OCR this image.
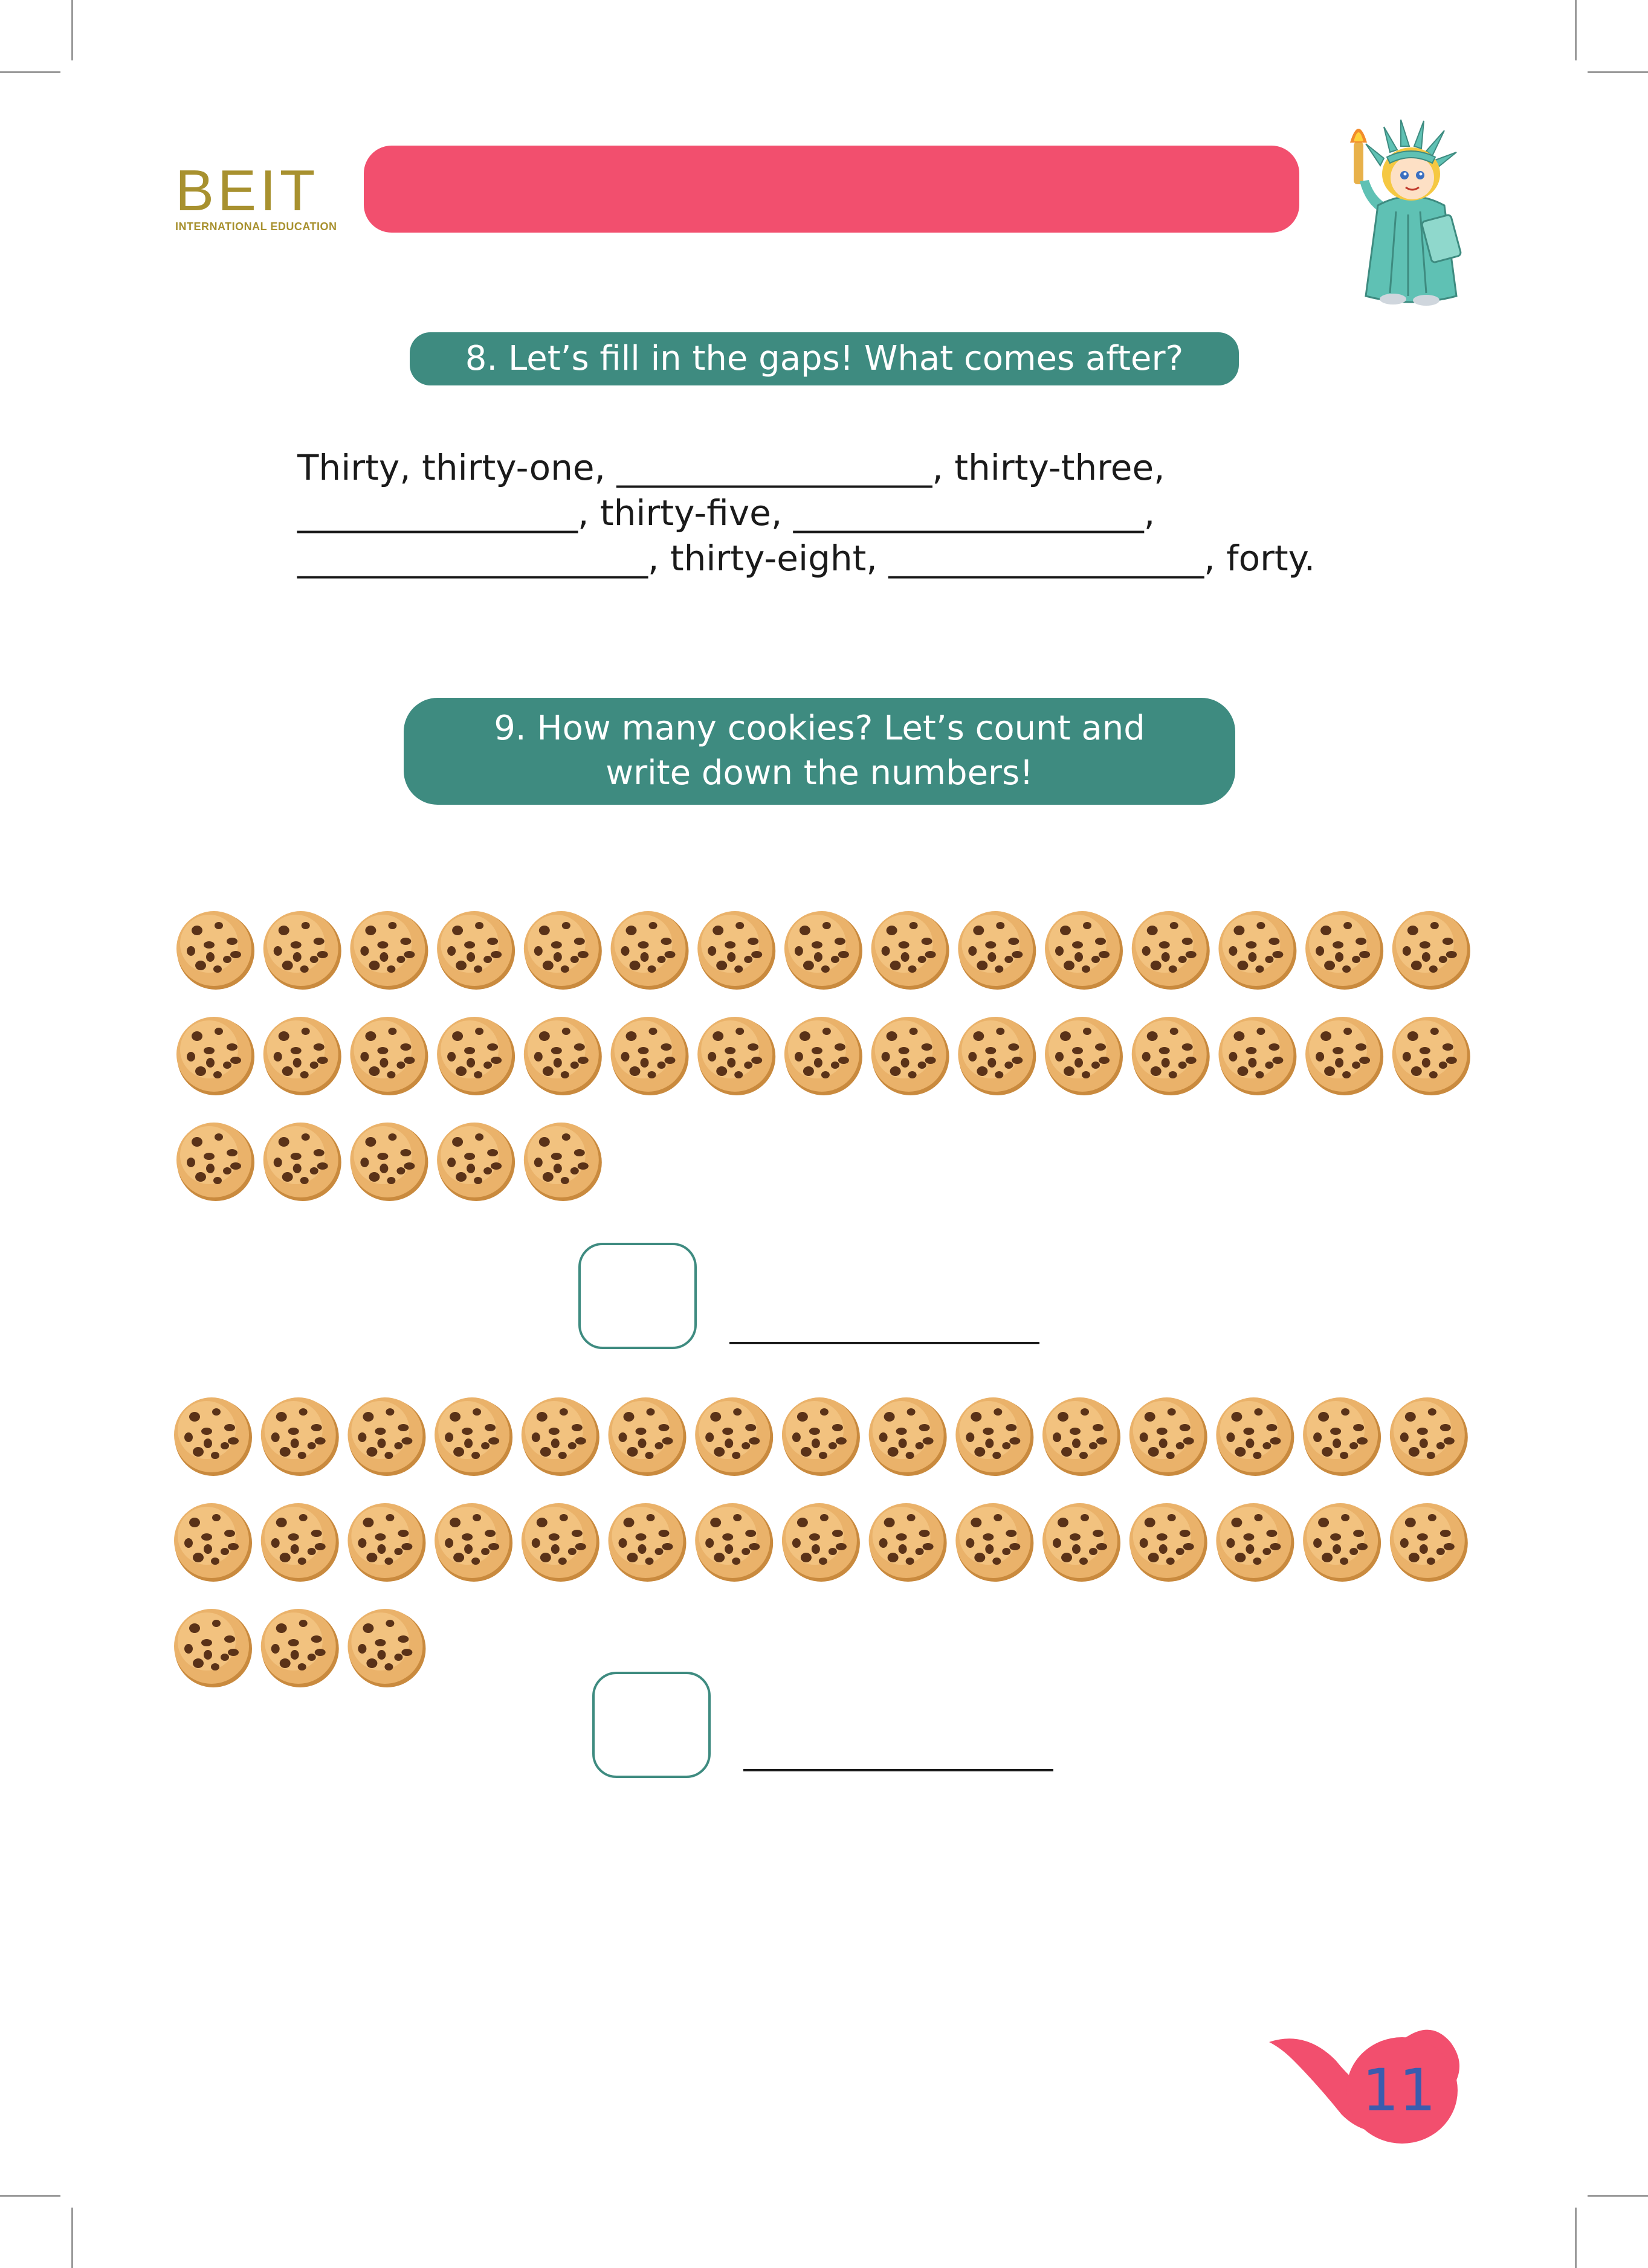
BEIT
INTERNATIONAL EDUCATION
8. Let’s fill in the gaps! What comes after?
Thirty, thirty-one, __________________, thirty-three,
________________, thirty-five, ____________________,
____________________, thirty-eight, __________________, forty.
9. How many cookies? Let’s count and
write down the numbers!
11
